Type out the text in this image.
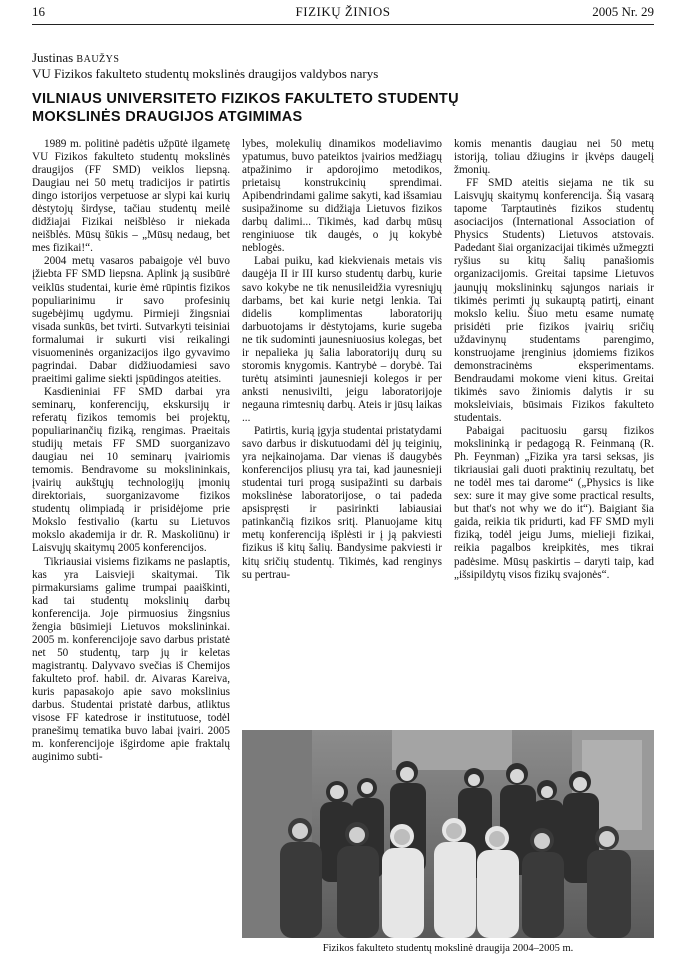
16	FIZIKŲ ŽINIOS	2005 Nr. 29
Justinas BAUŽYS
VU Fizikos fakulteto studentų mokslinės draugijos valdybos narys
VILNIAUS UNIVERSITETO FIZIKOS FAKULTETO STUDENTŲ
MOKSLINĖS DRAUGIJOS ATGIMIMAS

1989 m. politinė padėtis užpūtė ilgametę VU Fizikos fakulteto studentų mokslinės draugijos (FF SMD) veiklos liepsną. Daugiau nei 50 metų tradicijos ir patirtis dingo istorijos verpetuose ar slypi kai kurių dėstytojų širdyse, tačiau studentų meilė didžiajai Fizikai neišblėso ir niekada neišblės. Mūsų šūkis – „Mūsų nedaug, bet mes fizikai!“.

2004 metų vasaros pabaigoje vėl buvo įžiebta FF SMD liepsna. Aplink ją susibūrė veiklūs studentai, kurie ėmė rūpintis fizikos populiarinimu ir savo profesinių sugebėjimų ugdymu. Pirmieji žingsniai visada sunkūs, bet tvirti. Sutvarkyti teisiniai formalumai ir sukurti visi reikalingi visuomeninės organizacijos ilgo gyvavimo pagrindai. Dabar didžiuodamiesi savo praeitimi galime siekti įspūdingos ateities.

Kasdieniniai FF SMD darbai yra seminarų, konferencijų, ekskursijų ir referatų fizikos temomis bei projektų, populiarinančių fiziką, rengimas. Praeitais studijų metais FF SMD suorganizavo daugiau nei 10 seminarų įvairiomis temomis. Bendravome su mokslininkais, įvairių aukštųjų technologijų įmonių direktoriais, suorganizavome fizikos studentų olimpiadą ir prisidėjome prie Mokslo festivalio (kartu su Lietuvos mokslo akademija ir dr. R. Maskoliūnu) ir Laisvųjų skaitymų 2005 konferencijos.

Tikriausiai visiems fizikams ne paslaptis, kas yra Laisvieji skaitymai. Tik pirmakursiams galime trumpai paaiškinti, kad tai studentų mokslinių darbų konferencija. Joje pirmuosius žingsnius žengia būsimieji Lietuvos mokslininkai. 2005 m. konferencijoje savo darbus pristatė net 50 studentų, tarp jų ir keletas magistrantų. Dalyvavo svečias iš Chemijos fakulteto prof. habil. dr. Aivaras Kareiva, kuris papasakojo apie savo mokslinius darbus. Studentai pristatė darbus, atliktus visose FF katedrose ir institutuose, todėl pranešimų tematika buvo labai įvairi. 2005 m. konferencijoje išgirdome apie fraktalų auginimo subti-

lybes, molekulių dinamikos modeliavimo ypatumus, buvo pateiktos įvairios medžiagų atpažinimo ir apdorojimo metodikos, prietaisų konstrukcinių sprendimai. Apibendrindami galime sakyti, kad išsamiau susipažinome su didžiąja Lietuvos fizikos darbų dalimi... Tikimės, kad darbų mūsų renginiuose tik daugės, o jų kokybė neblogės.

Labai puiku, kad kiekvienais metais vis daugėja II ir III kurso studentų darbų, kurie savo kokybe ne tik nenusileidžia vyresniųjų darbams, bet kai kurie netgi lenkia. Tai didelis komplimentas laboratorijų darbuotojams ir dėstytojams, kurie sugeba ne tik sudominti jaunesniuosius kolegas, bet ir nepalieka jų šalia laboratorijų durų su storomis knygomis. Kantrybė – dorybė. Tai turėtų atsiminti jaunesnieji kolegos ir per anksti nenusivilti, jeigu laboratorijoje negauna rimtesnių darbų. Ateis ir jūsų laikas ...

Patirtis, kurią įgyja studentai pristatydami savo darbus ir diskutuodami dėl jų teiginių, yra neįkainojama. Dar vienas iš daugybės konferencijos pliusų yra tai, kad jaunesnieji studentai turi progą susipažinti su darbais mokslinėse laboratorijose, o tai padeda apsispręsti ir pasirinkti labiausiai patinkančią fizikos sritį. Planuojame kitų metų konferenciją išplėsti ir į ją pakviesti fizikus iš kitų šalių. Bandysime pakviesti ir kitų sričių studentų. Tikimės, kad renginys su pertrau-

komis menantis daugiau nei 50 metų istoriją, toliau džiugins ir įkvėps daugelį žmonių.

FF SMD ateitis siejama ne tik su Laisvųjų skaitymų konferencija. Šią vasarą tapome Tarptautinės fizikos studentų asociacijos (International Association of Physics Students) Lietuvos atstovais. Padedant šiai organizacijai tikimės užmegzti ryšius su kitų šalių panašiomis organizacijomis. Greitai tapsime Lietuvos jaunųjų mokslininkų sąjungos nariais ir tikimės perimti jų sukauptą patirtį, einant mokslo keliu. Šiuo metu esame numatę prisidėti prie fizikos įvairių sričių uždavinynų studentams parengimo, konstruojame įrenginius įdomiems fizikos demonstracinėms eksperimentams. Bendraudami mokome vieni kitus. Greitai tikimės savo žiniomis dalytis ir su moksleiviais, būsimais Fizikos fakulteto studentais.

Pabaigai pacituosiu garsų fizikos mokslininką ir pedagogą R. Feinmaną (R. Ph. Feynman) „Fizika yra tarsi seksas, jis tikriausiai gali duoti praktinių rezultatų, bet ne todėl mes tai darome“ („Physics is like sex: sure it may give some practical results, but that's not why we do it“). Baigiant šia gaida, reikia tik pridurti, kad FF SMD myli fiziką, todėl jeigu Jums, mielieji fizikai, reikia pagalbos kreipkitės, mes tikrai padėsime. Mūsų paskirtis – daryti taip, kad „išsipildytų visos fizikų svajonės“.

Fizikos fakulteto studentų mokslinė draugija 2004–2005 m.
